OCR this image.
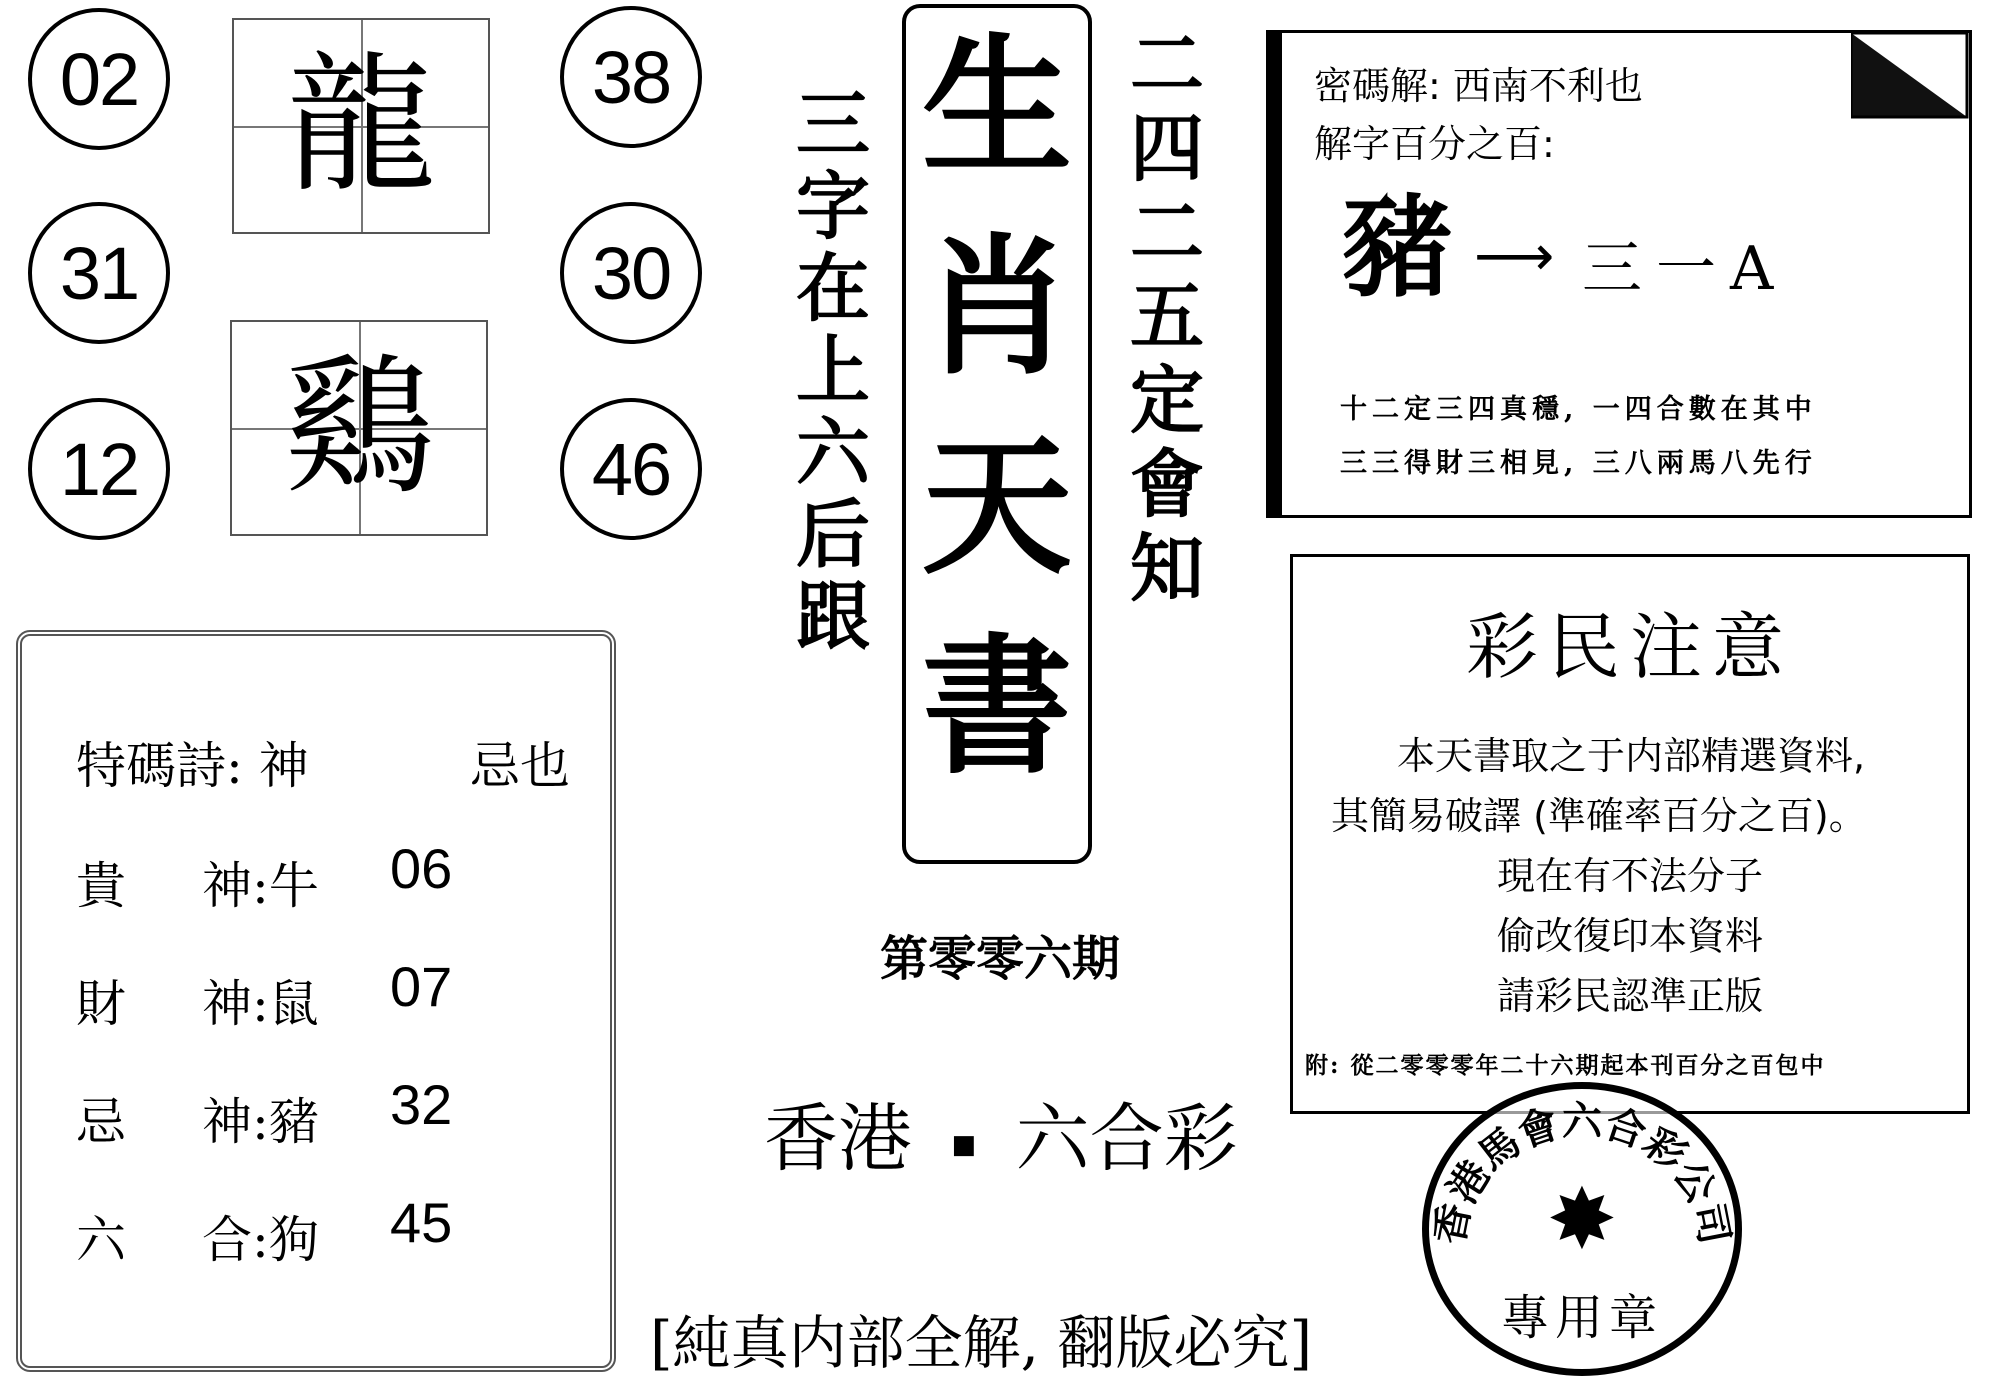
02
31
12
38
30
46
龍
鷄
三
字
在
上
六
后
跟
二
四
二
五
定
會
知
生
肖
天
書
第零零六期
香港 ■ 六合彩
[純真内部全解, 翻版必究]
特碼詩: 神	忌也
貴 神:牛 06
財 神:鼠 07
忌 神:豬 32
六 合:狗 45
密碼解: 西南不利也
解字百分之百:
豬 ⟶ 三一A
十二定三四真穩, 一四合數在其中
三三得財三相見, 三八兩馬八先行
彩民注意
本天書取之于内部精選資料,
其簡易破譯 (準確率百分之百)。
現在有不法分子
偷改復印本資料
請彩民認準正版
附: 從二零零零年二十六期起本刊百分之百包中
香港馬會六合彩公司
✸
專用章
